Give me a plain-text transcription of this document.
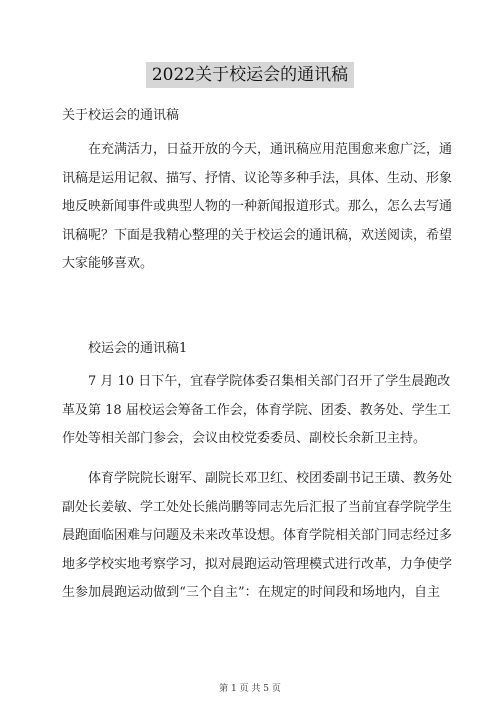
2022关于校运会的通讯稿
关于校运会的通讯稿
在充满活力，日益开放的今天，通讯稿应用范围愈来愈广泛，通
讯稿是运用记叙、描写、抒情、议论等多种手法，具体、生动、形象
地反映新闻事件或典型人物的一种新闻报道形式。那么，怎么去写通
讯稿呢？下面是我精心整理的关于校运会的通讯稿，欢送阅读，希望
大家能够喜欢。
校运会的通讯稿1
7 月 10 日下午，宜春学院体委召集相关部门召开了学生晨跑改
革及第 18 届校运会筹备工作会，体育学院、团委、教务处、学生工
作处等相关部门参会，会议由校党委委员、副校长余新卫主持。
体育学院院长谢军、副院长邓卫红、校团委副书记王璜、教务处
副处长姜敏、学工处处长熊尚鹏等同志先后汇报了当前宜春学院学生
晨跑面临困难与问题及未来改革设想。体育学院相关部门同志经过多
地多学校实地考察学习，拟对晨跑运动管理模式进行改革，力争使学
生参加晨跑运动做到“三个自主”：在规定的时间段和场地内，自主
第 1 页 共 5 页
